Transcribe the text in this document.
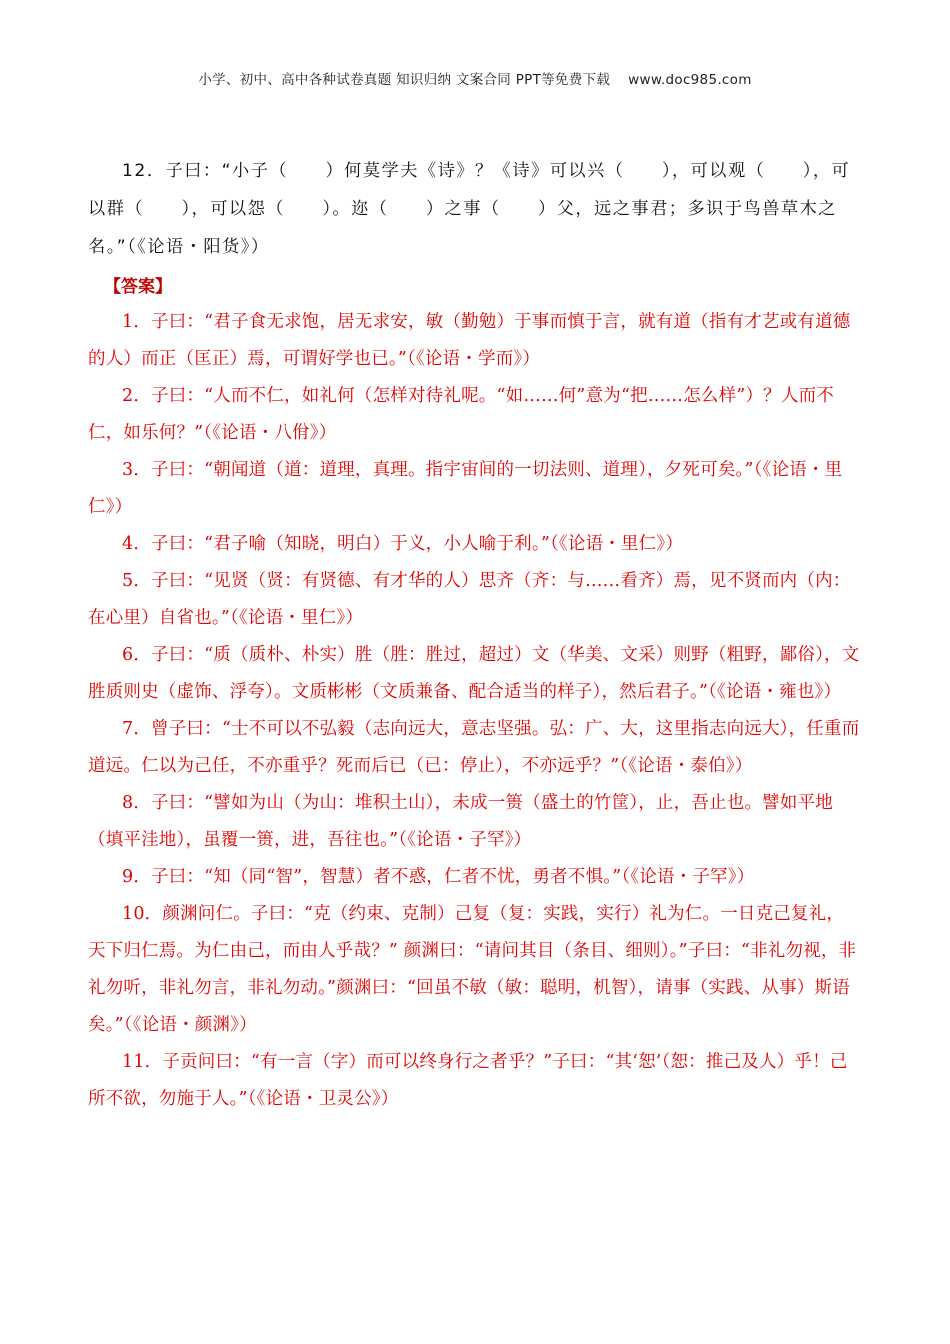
小学、初中、高中各种试卷真题 知识归纳 文案合同 PPT等免费下载 www.doc985.com

12．子曰：“小子（　　）何莫学夫《诗》？《诗》可以兴（　　），可以观（　　），可以群（　　），可以怨（　　）。迩（　　）之事（　　）父，远之事君；多识于鸟兽草木之名。”（《论语・阳货》）

【答案】

1．子曰：“君子食无求饱，居无求安，敏（勤勉）于事而慎于言，就有道（指有才艺或有道德的人）而正（匡正）焉，可谓好学也已。”（《论语・学而》）

2．子曰：“人而不仁，如礼何（怎样对待礼呢。“如……何”意为“把……怎么样”）？人而不仁，如乐何？”（《论语・八佾》）

3．子曰：“朝闻道（道：道理，真理。指宇宙间的一切法则、道理），夕死可矣。”（《论语・里仁》）

4．子曰：“君子喻（知晓，明白）于义，小人喻于利。”（《论语・里仁》）

5．子曰：“见贤（贤：有贤德、有才华的人）思齐（齐：与……看齐）焉，见不贤而内（内：在心里）自省也。”（《论语・里仁》）

6．子曰：“质（质朴、朴实）胜（胜：胜过，超过）文（华美、文采）则野（粗野，鄙俗），文胜质则史（虚饰、浮夸）。文质彬彬（文质兼备、配合适当的样子），然后君子。”（《论语・雍也》）

7．曾子曰：“士不可以不弘毅（志向远大，意志坚强。弘：广、大，这里指志向远大），任重而道远。仁以为己任，不亦重乎？死而后已（已：停止），不亦远乎？”（《论语・泰伯》）

8．子曰：“譬如为山（为山：堆积土山），未成一篑（盛土的竹筐），止，吾止也。譬如平地（填平洼地），虽覆一篑，进，吾往也。”（《论语・子罕》）

9．子曰：“知（同“智”，智慧）者不惑，仁者不忧，勇者不惧。”（《论语・子罕》）

10．颜渊问仁。子曰：“克（约束、克制）己复（复：实践，实行）礼为仁。一日克己复礼，天下归仁焉。为仁由己，而由人乎哉？” 颜渊曰：“请问其目（条目、细则）。”子曰：“非礼勿视，非礼勿听，非礼勿言，非礼勿动。”颜渊曰：“回虽不敏（敏：聪明，机智），请事（实践、从事）斯语矣。”（《论语・颜渊》）

11．子贡问曰：“有一言（字）而可以终身行之者乎？”子曰：“其‘恕’（恕：推己及人）乎！己所不欲，勿施于人。”（《论语・卫灵公》）
